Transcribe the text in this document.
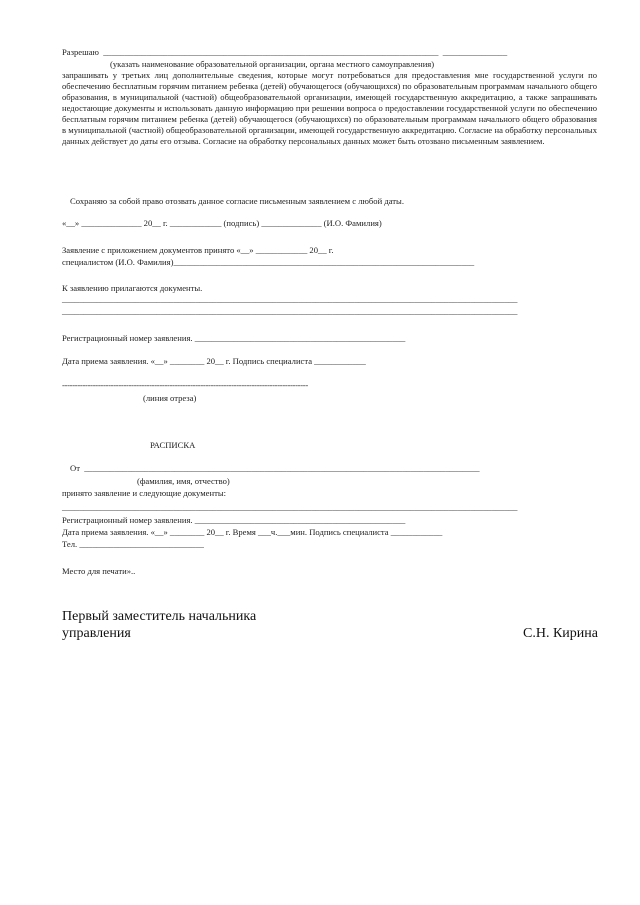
Разрешаю  ______________________________________________________________________________  _______________
(указать наименование образовательной организации, органа местного самоуправления)
запрашивать у третьих лиц дополнительные сведения, которые могут потребоваться для предоставления мне государственной услуги по обеспечению бесплатным горячим питанием ребенка (детей) обучающегося (обучающихся) по образовательным программам начального общего образования, в муниципальной (частной) общеобразовательной организации, имеющей государственную аккредитацию, а также запрашивать недостающие документы и использовать данную информацию при решении вопроса о предоставлении государственной услуги по обеспечению бесплатным горячим питанием ребенка (детей) обучающегося (обучающихся) по образовательным программам начального общего образования в муниципальной (частной) общеобразовательной организации, имеющей государственную аккредитацию. Согласие на обработку персональных данных действует до даты его отзыва. Согласие на обработку персональных данных может быть отозвано письменным заявлением.
Сохраняю за собой право отозвать данное согласие письменным заявлением с любой даты.
«__» ______________ 20__ г. ____________ (подпись) ______________ (И.О. Фамилия)
Заявление с приложением документов принято «__» ____________ 20__ г.
специалистом (И.О. Фамилия)______________________________________________________________________
К заявлению прилагаются документы.
__________________________________________________________________________________________________________
__________________________________________________________________________________________________________
Регистрационный номер заявления. _________________________________________________
Дата приема заявления. «__» ________ 20__ г. Подпись специалиста ____________
------------------------------------------------------------------------------------------------
(линия отреза)
РАСПИСКА
От  ____________________________________________________________________________________________
(фамилия, имя, отчество)
принято заявление и следующие документы:
__________________________________________________________________________________________________________
Регистрационный номер заявления. _________________________________________________
Дата приема заявления. «__» ________ 20__ г. Время ___ч.___мин. Подпись специалиста ____________
Тел. _____________________________
Место для печати»..
Первый заместитель начальника
управления	С.Н. Кирина
